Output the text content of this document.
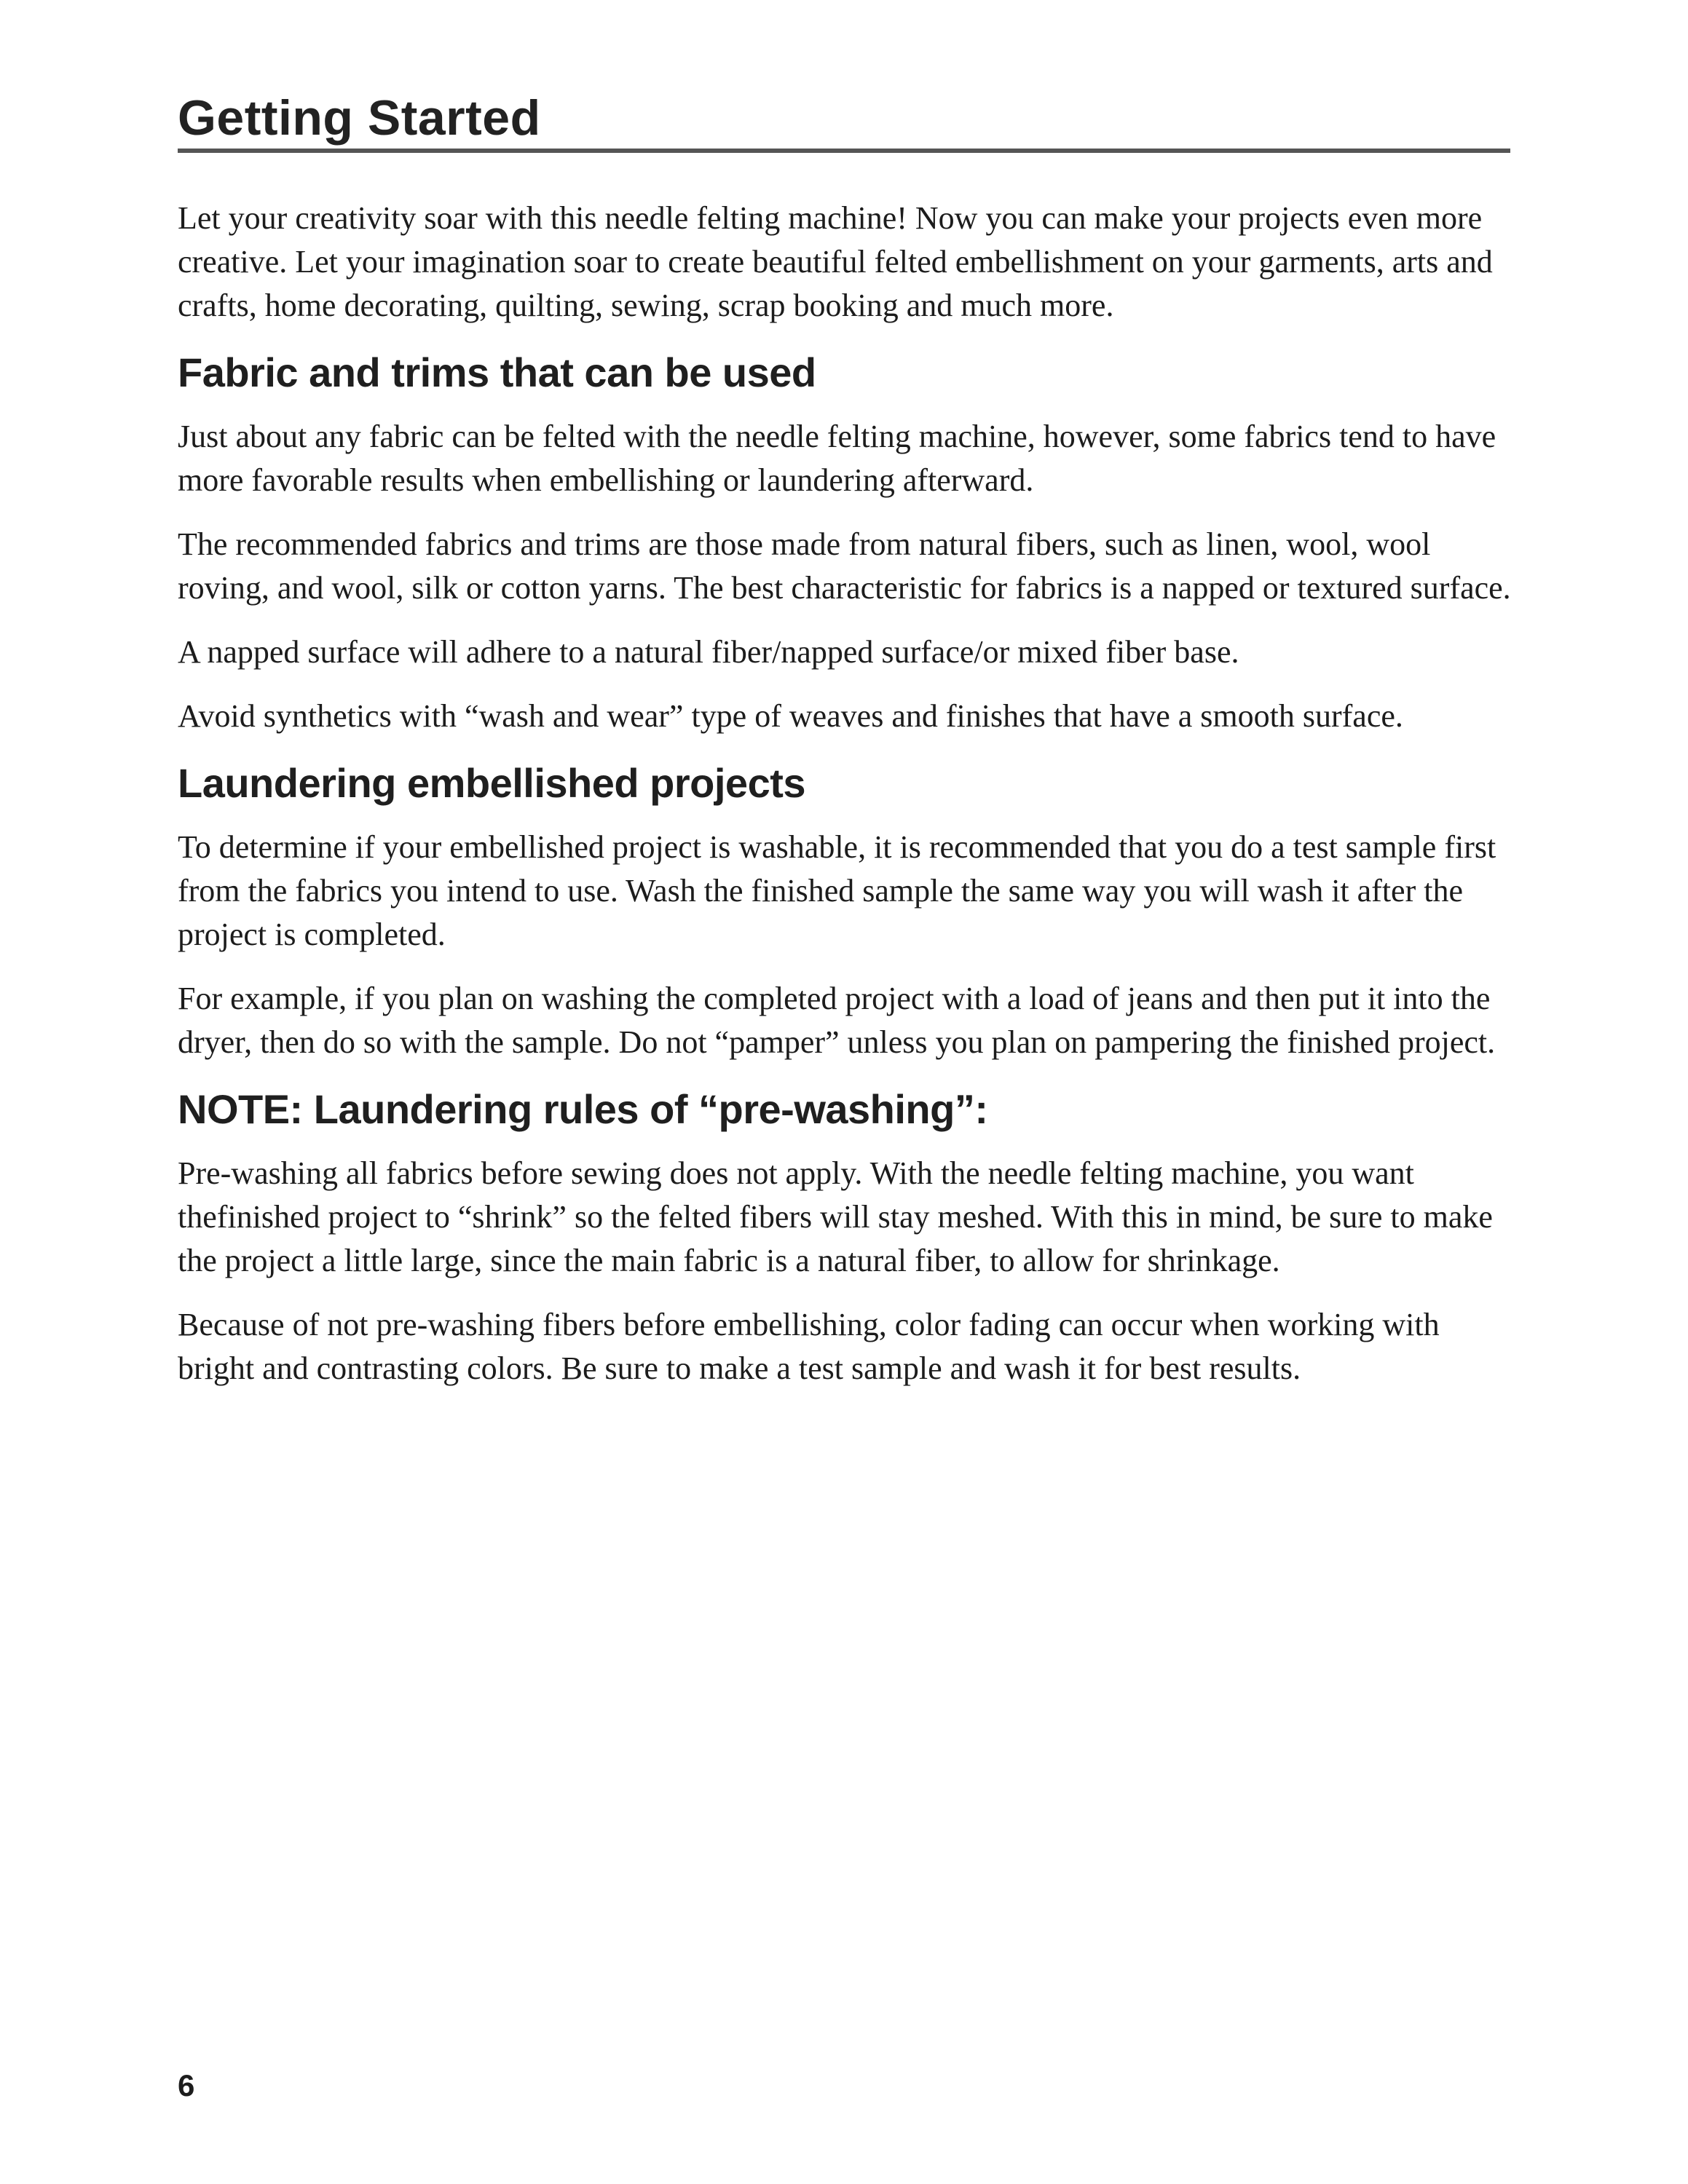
Getting Started

Let your creativity soar with this needle felting machine! Now you can make your projects even more creative. Let your imagination soar to create beautiful felted embellishment on your garments, arts and crafts, home decorating, quilting, sewing, scrap booking and much more.

Fabric and trims that can be used

Just about any fabric can be felted with the needle felting machine, however, some fabrics tend to have more favorable results when embellishing or laundering afterward.

The recommended fabrics and trims are those made from natural fibers, such as linen, wool, wool roving, and wool, silk or cotton yarns. The best characteristic for fabrics is a napped or textured surface.

A napped surface will adhere to a natural fiber/napped surface/or mixed fiber base.

Avoid synthetics with “wash and wear” type of weaves and finishes that have a smooth surface.

Laundering embellished projects

To determine if your embellished project is washable, it is recommended that you do a test sample first from the fabrics you intend to use. Wash the finished sample the same way you will wash it after the project is completed.

For example, if you plan on washing the completed project with a load of jeans and then put it into the dryer, then do so with the sample. Do not “pamper” unless you plan on pampering the finished project.

NOTE: Laundering rules of “pre-washing”:

Pre-washing all fabrics before sewing does not apply. With the needle felting machine, you want thefinished project to “shrink” so the felted fibers will stay meshed. With this in mind, be sure to make the project a little large, since the main fabric is a natural fiber, to allow for shrinkage.

Because of not pre-washing fibers before embellishing, color fading can occur when working with bright and contrasting colors. Be sure to make a test sample and wash it for best results.

6
